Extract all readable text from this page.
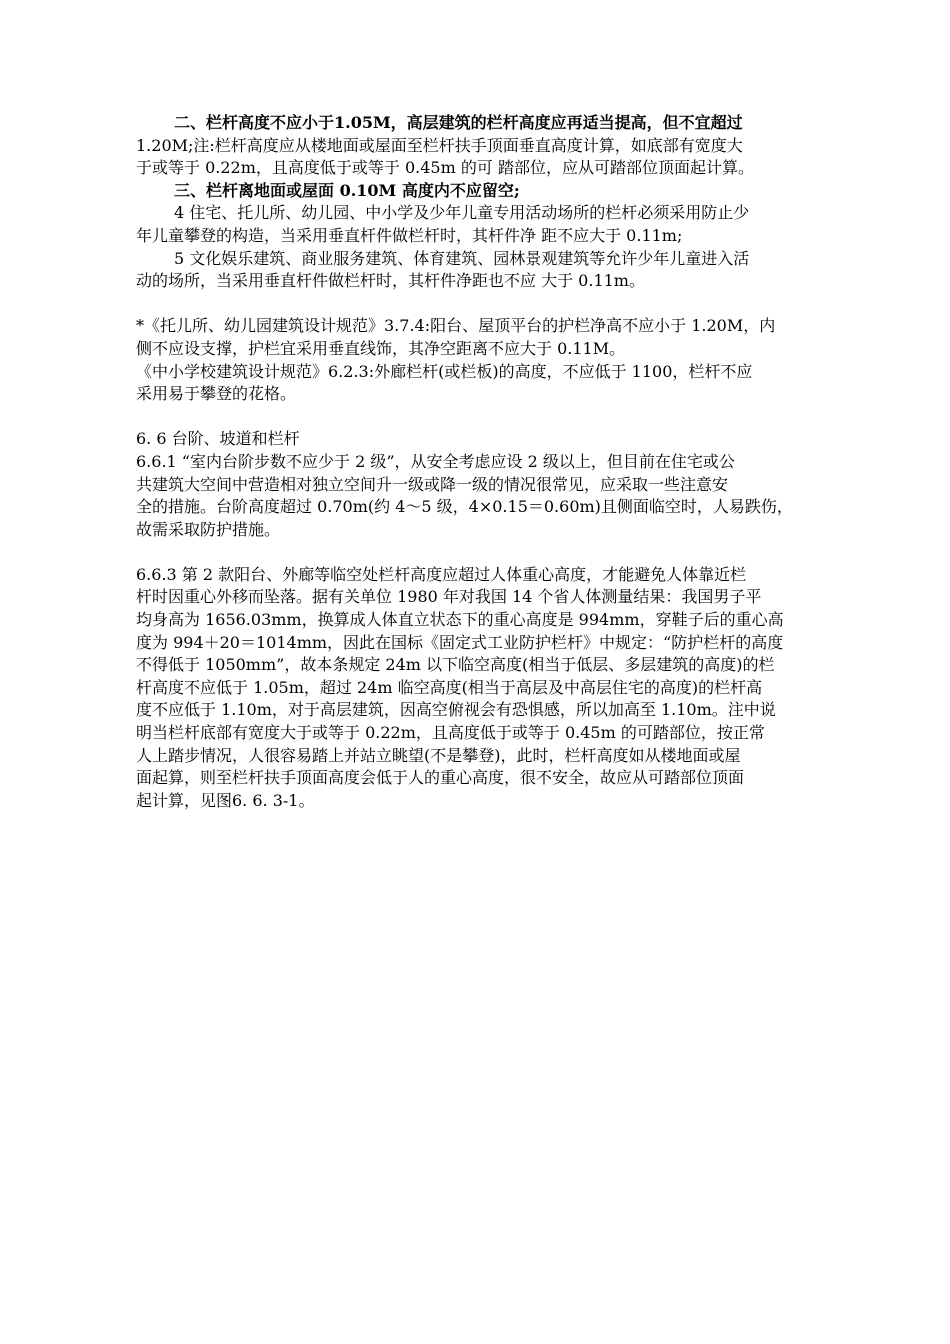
二、栏杆高度不应小于1.05M，高层建筑的栏杆高度应再适当提高，但不宜超过
1.20M;注:栏杆高度应从楼地面或屋面至栏杆扶手顶面垂直高度计算，如底部有宽度大
于或等于 0.22m，且高度低于或等于 0.45m 的可 踏部位，应从可踏部位顶面起计算。
三、栏杆离地面或屋面 0.10M 高度内不应留空;
4 住宅、托儿所、幼儿园、中小学及少年儿童专用活动场所的栏杆必须采用防止少
年儿童攀登的构造，当采用垂直杆件做栏杆时，其杆件净 距不应大于 0.11m;
5 文化娱乐建筑、商业服务建筑、体育建筑、园林景观建筑等允许少年儿童进入活
动的场所，当采用垂直杆件做栏杆时，其杆件净距也不应 大于 0.11m。
*《托儿所、幼儿园建筑设计规范》3.7.4:阳台、屋顶平台的护栏净高不应小于 1.20M，内
侧不应设支撑，护栏宜采用垂直线饰，其净空距离不应大于 0.11M。
《中小学校建筑设计规范》6.2.3:外廊栏杆(或栏板)的高度，不应低于 1100，栏杆不应
采用易于攀登的花格。
6. 6 台阶、坡道和栏杆
6.6.1 “室内台阶步数不应少于 2 级”，从安全考虑应设 2 级以上，但目前在住宅或公
共建筑大空间中营造相对独立空间升一级或降一级的情况很常见，应采取一些注意安
全的措施。台阶高度超过 0.70m(约 4～5 级，4×0.15＝0.60m)且侧面临空时，人易跌伤，
故需采取防护措施。
6.6.3 第 2 款阳台、外廊等临空处栏杆高度应超过人体重心高度，才能避免人体靠近栏
杆时因重心外移而坠落。据有关单位 1980 年对我国 14 个省人体测量结果：我国男子平
均身高为 1656.03mm，换算成人体直立状态下的重心高度是 994mm，穿鞋子后的重心高
度为 994＋20＝1014mm，因此在国标《固定式工业防护栏杆》中规定：“防护栏杆的高度
不得低于 1050mm”，故本条规定 24m 以下临空高度(相当于低层、多层建筑的高度)的栏
杆高度不应低于 1.05m，超过 24m 临空高度(相当于高层及中高层住宅的高度)的栏杆高
度不应低于 1.10m，对于高层建筑，因高空俯视会有恐惧感，所以加高至 1.10m。注中说
明当栏杆底部有宽度大于或等于 0.22m，且高度低于或等于 0.45m 的可踏部位，按正常
人上踏步情况，人很容易踏上并站立眺望(不是攀登)，此时，栏杆高度如从楼地面或屋
面起算，则至栏杆扶手顶面高度会低于人的重心高度，很不安全，故应从可踏部位顶面
起计算，见图6. 6. 3-1。
